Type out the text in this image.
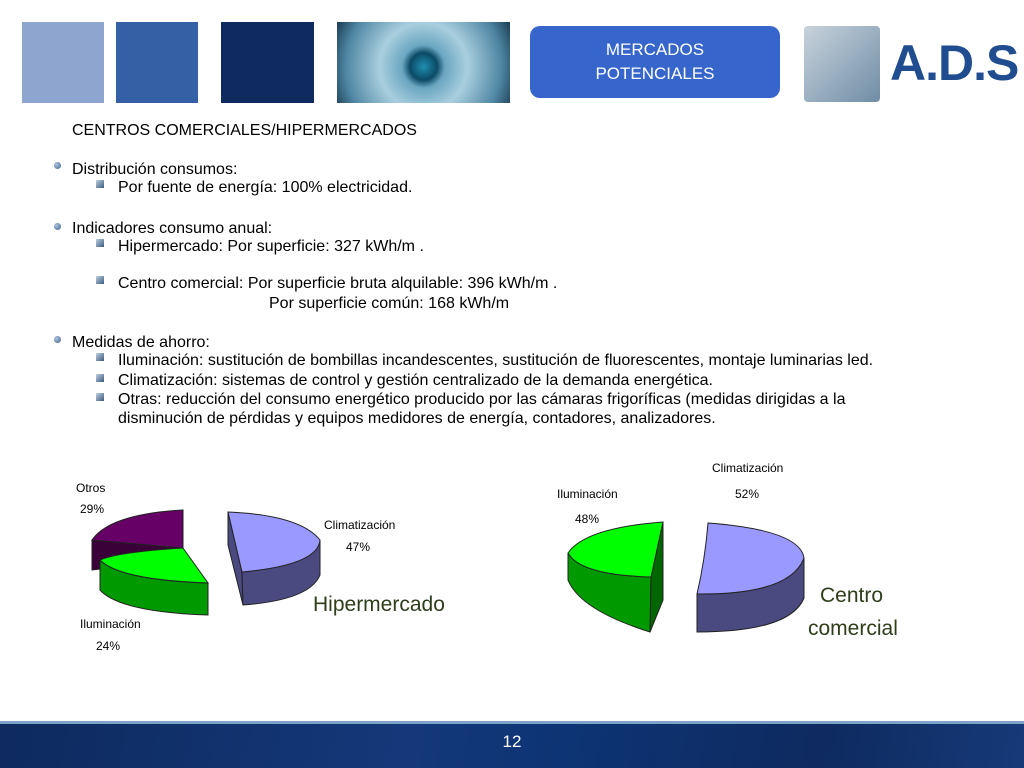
MERCADOS
POTENCIALES	A.D.S
CENTROS COMERCIALES/HIPERMERCADOS
Distribución consumos:
Por fuente de energía: 100% electricidad.
Indicadores consumo anual:
Hipermercado: Por superficie: 327 kWh/m .
Centro comercial: Por superficie bruta alquilable: 396 kWh/m .
Por superficie común: 168 kWh/m
Medidas de ahorro:
Iluminación: sustitución de bombillas incandescentes, sustitución de fluorescentes, montaje luminarias led.
Climatización: sistemas de control y gestión centralizado de la demanda energética.
Otras: reducción del consumo energético producido por las cámaras frigoríficas (medidas dirigidas a la
disminución de pérdidas y equipos medidores de energía, contadores, analizadores.
Otros
29%
Climatización
47%
Iluminación
24%
Hipermercado
Climatización
52%
Iluminación
48%
Centro
comercial
12
